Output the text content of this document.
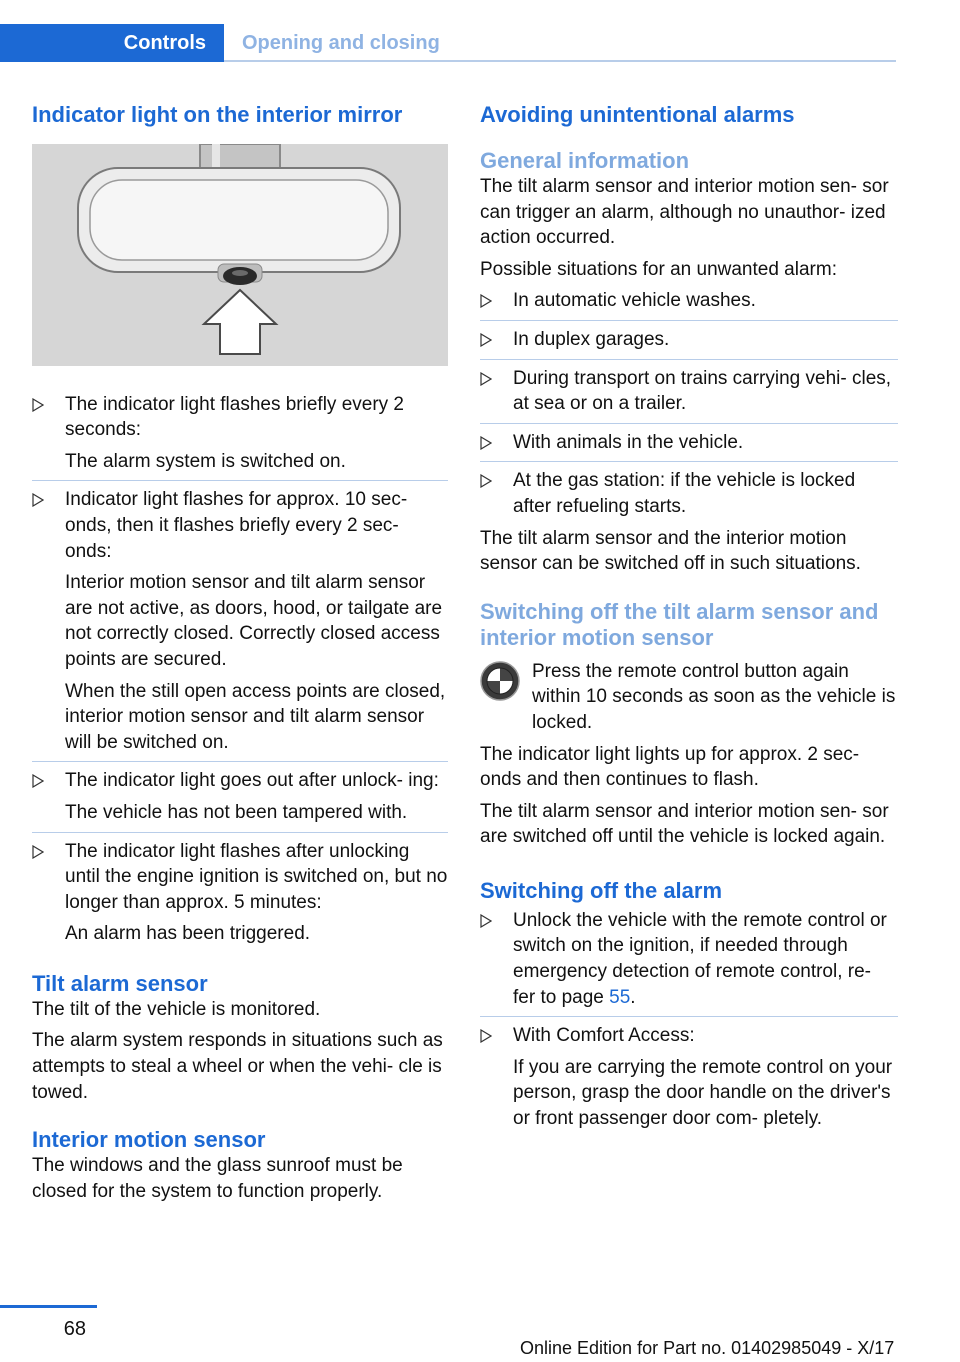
Controls	Opening and closing
Indicator light on the interior mirror

The indicator light flashes briefly every 2 seconds:

The alarm system is switched on.

Indicator light flashes for approx. 10 sec‐ onds, then it flashes briefly every 2 sec‐ onds:

Interior motion sensor and tilt alarm sensor are not active, as doors, hood, or tailgate are not correctly closed. Correctly closed access points are secured.

When the still open access points are closed, interior motion sensor and tilt alarm sensor will be switched on.

The indicator light goes out after unlock‐ ing:

The vehicle has not been tampered with.

The indicator light flashes after unlocking until the engine ignition is switched on, but no longer than approx. 5 minutes:

An alarm has been triggered.

Tilt alarm sensor

The tilt of the vehicle is monitored.

The alarm system responds in situations such as attempts to steal a wheel or when the vehi‐ cle is towed.

Interior motion sensor

The windows and the glass sunroof must be closed for the system to function properly.

Avoiding unintentional alarms
General information

The tilt alarm sensor and interior motion sen‐ sor can trigger an alarm, although no unauthor‐ ized action occurred.

Possible situations for an unwanted alarm:

In automatic vehicle washes.

In duplex garages.

During transport on trains carrying vehi‐ cles, at sea or on a trailer.

With animals in the vehicle.

At the gas station: if the vehicle is locked after refueling starts.

The tilt alarm sensor and the interior motion sensor can be switched off in such situations.

Switching off the tilt alarm sensor and interior motion sensor

Press the remote control button again within 10 seconds as soon as the vehicle is locked.

The indicator light lights up for approx. 2 sec‐ onds and then continues to flash.

The tilt alarm sensor and interior motion sen‐ sor are switched off until the vehicle is locked again.

Switching off the alarm

Unlock the vehicle with the remote control or switch on the ignition, if needed through emergency detection of remote control, re‐ fer to page 55.

With Comfort Access:

If you are carrying the remote control on your person, grasp the door handle on the driver's or front passenger door com‐ pletely.

68
Online Edition for Part no. 01402985049 - X/17
